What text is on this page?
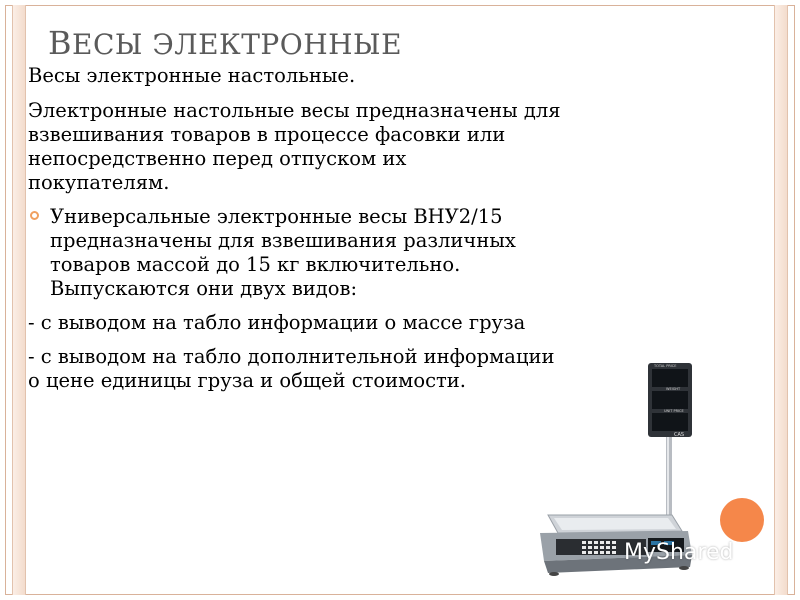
ВЕСЫ ЭЛЕКТРОННЫЕ

Весы электронные настольные.

Электронные настольные весы предназначены для
взвешивания товаров в процессе фасовки или
непосредственно перед отпуском их
покупателям.
Универсальные электронные весы ВНУ2/15
предназначены для взвешивания различных
товаров массой до 15 кг включительно.
Выпускаются они двух видов:
- с выводом на табло информации о массе груза
- с выводом на табло дополнительной информации
о цене единицы груза и общей стоимости.
TOTAL PRICE
WEIGHT
UNIT PRICE
CAS
MyShared
